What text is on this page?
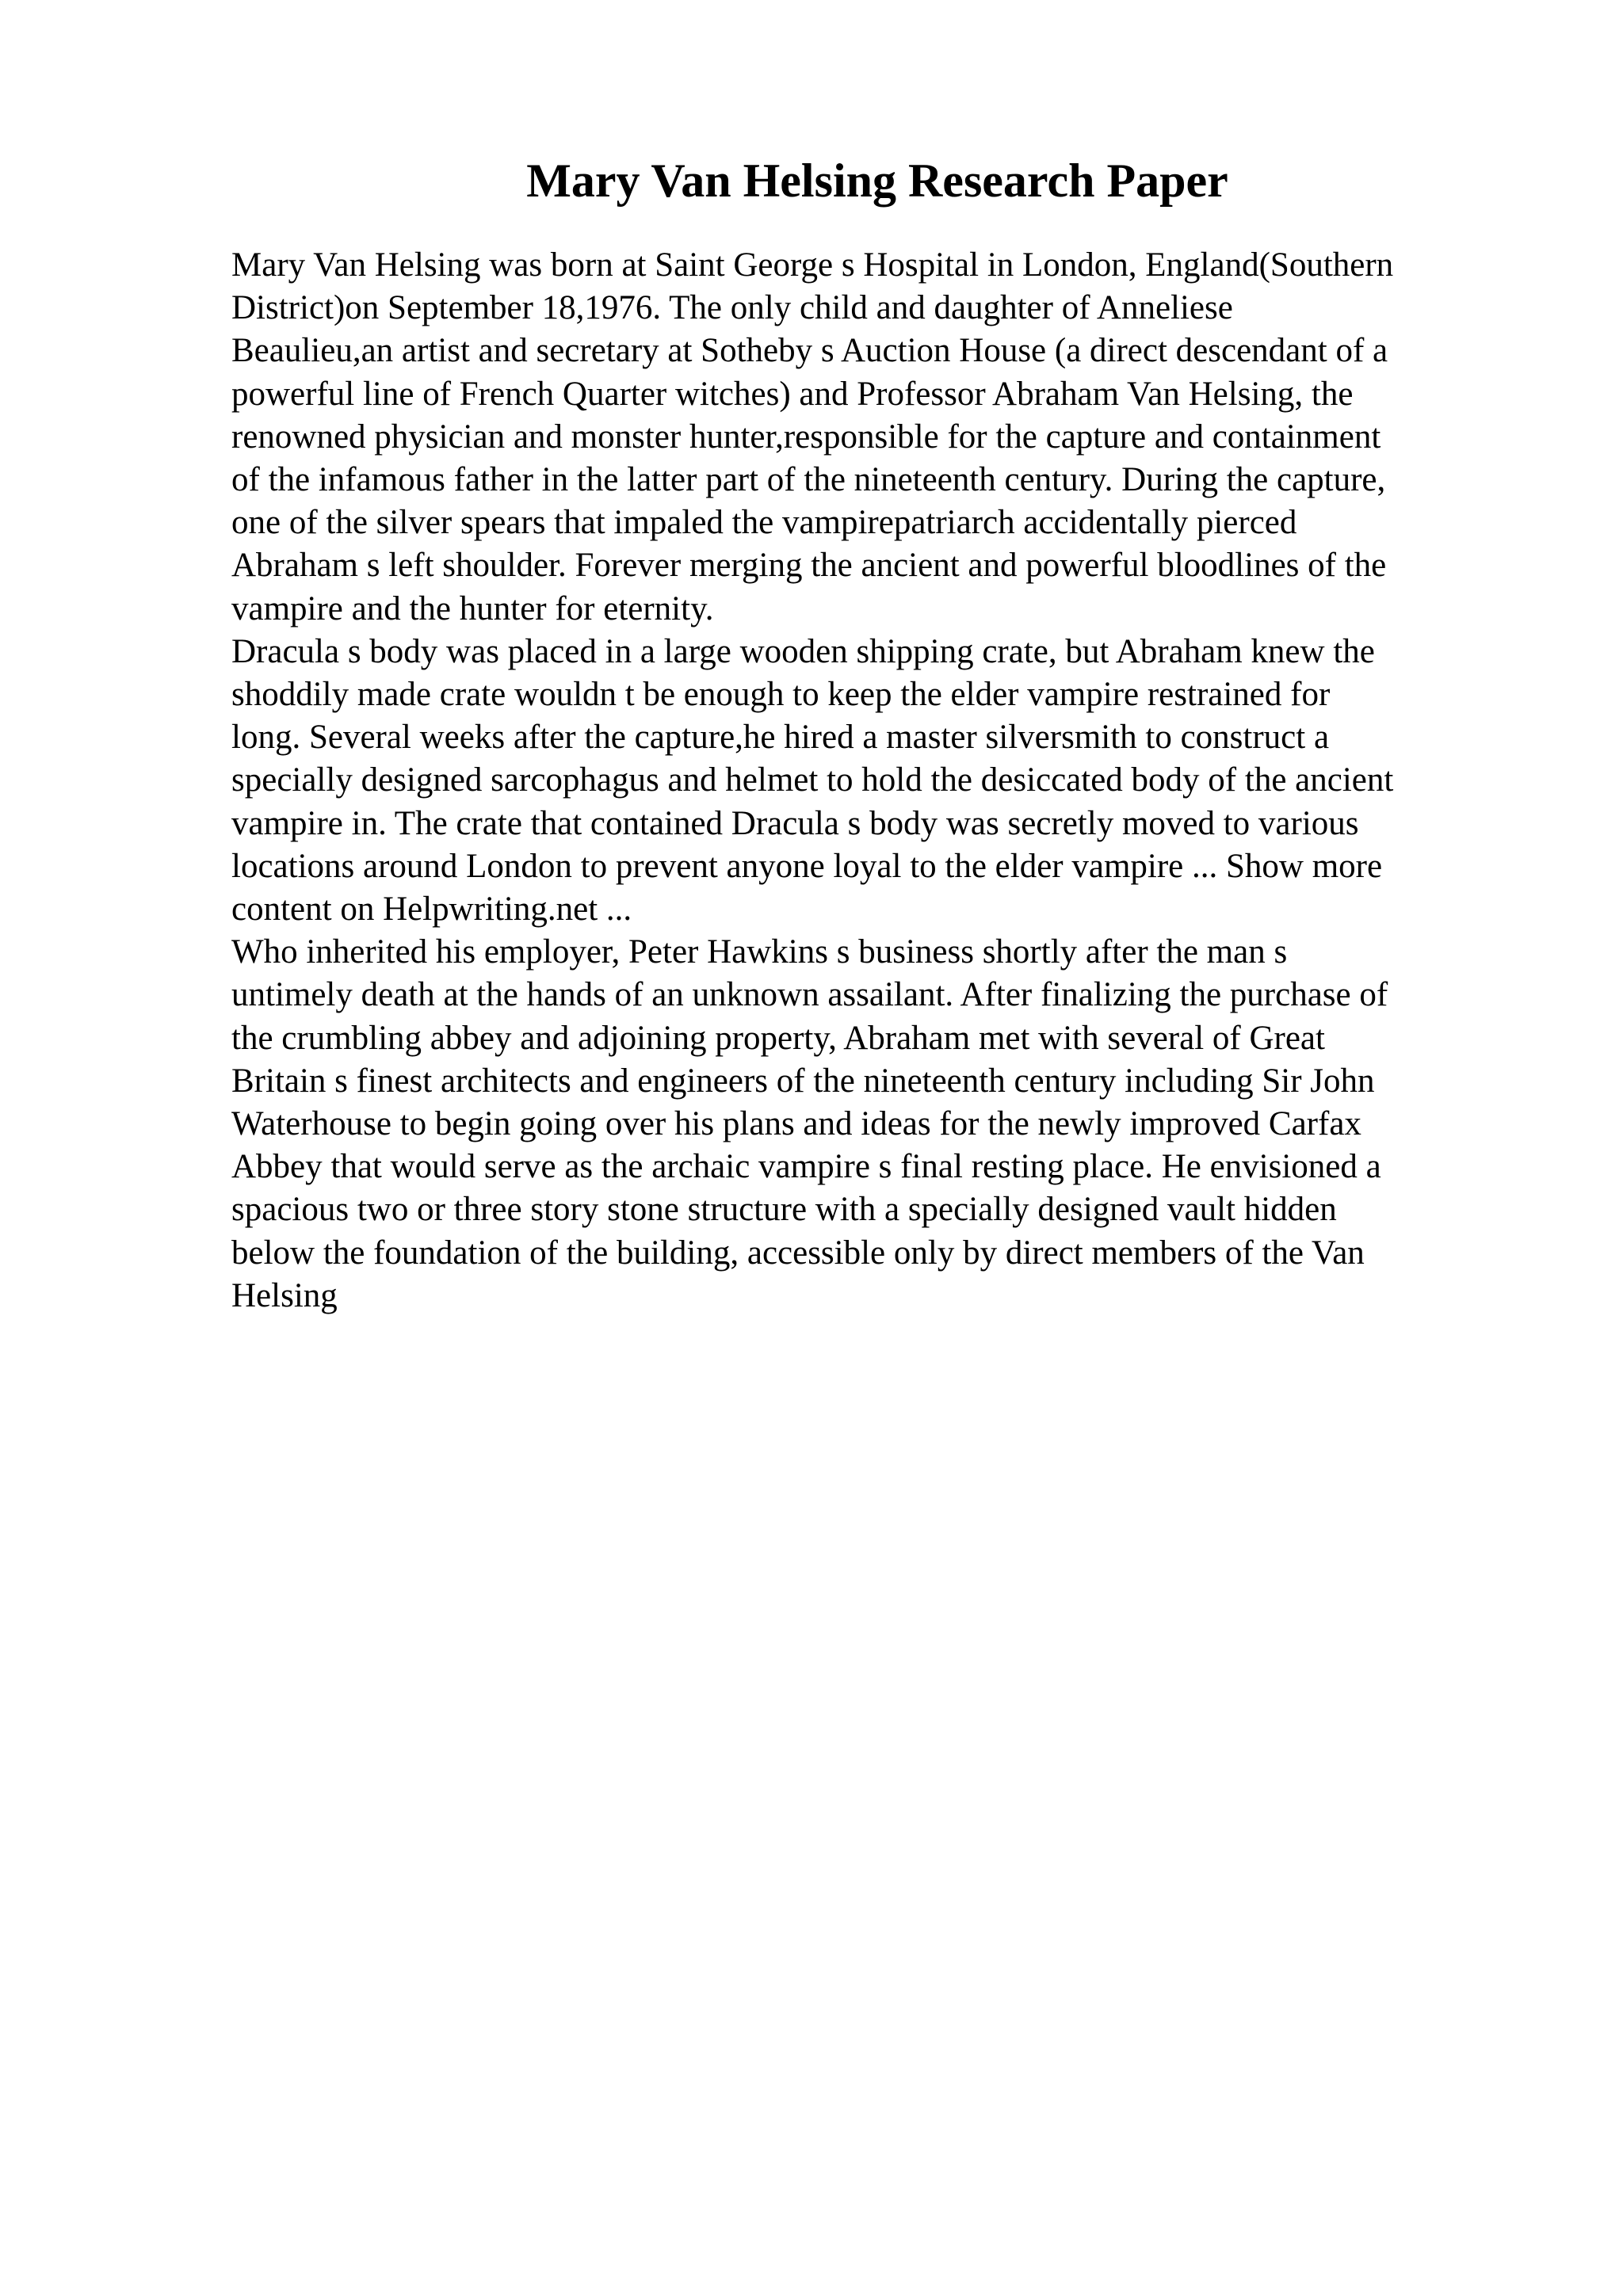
Mary Van Helsing Research Paper
Mary Van Helsing was born at Saint George s Hospital in London, England(Southern
District)on September 18,1976. The only child and daughter of Anneliese
Beaulieu,an artist and secretary at Sotheby s Auction House (a direct descendant of a
powerful line of French Quarter witches) and Professor Abraham Van Helsing, the
renowned physician and monster hunter,responsible for the capture and containment
of the infamous father in the latter part of the nineteenth century. During the capture,
one of the silver spears that impaled the vampirepatriarch accidentally pierced
Abraham s left shoulder. Forever merging the ancient and powerful bloodlines of the
vampire and the hunter for eternity.
Dracula s body was placed in a large wooden shipping crate, but Abraham knew the
shoddily made crate wouldn t be enough to keep the elder vampire restrained for
long. Several weeks after the capture,he hired a master silversmith to construct a
specially designed sarcophagus and helmet to hold the desiccated body of the ancient
vampire in. The crate that contained Dracula s body was secretly moved to various
locations around London to prevent anyone loyal to the elder vampire ... Show more
content on Helpwriting.net ...
Who inherited his employer, Peter Hawkins s business shortly after the man s
untimely death at the hands of an unknown assailant. After finalizing the purchase of
the crumbling abbey and adjoining property, Abraham met with several of Great
Britain s finest architects and engineers of the nineteenth century including Sir John
Waterhouse to begin going over his plans and ideas for the newly improved Carfax
Abbey that would serve as the archaic vampire s final resting place. He envisioned a
spacious two or three story stone structure with a specially designed vault hidden
below the foundation of the building, accessible only by direct members of the Van
Helsing
